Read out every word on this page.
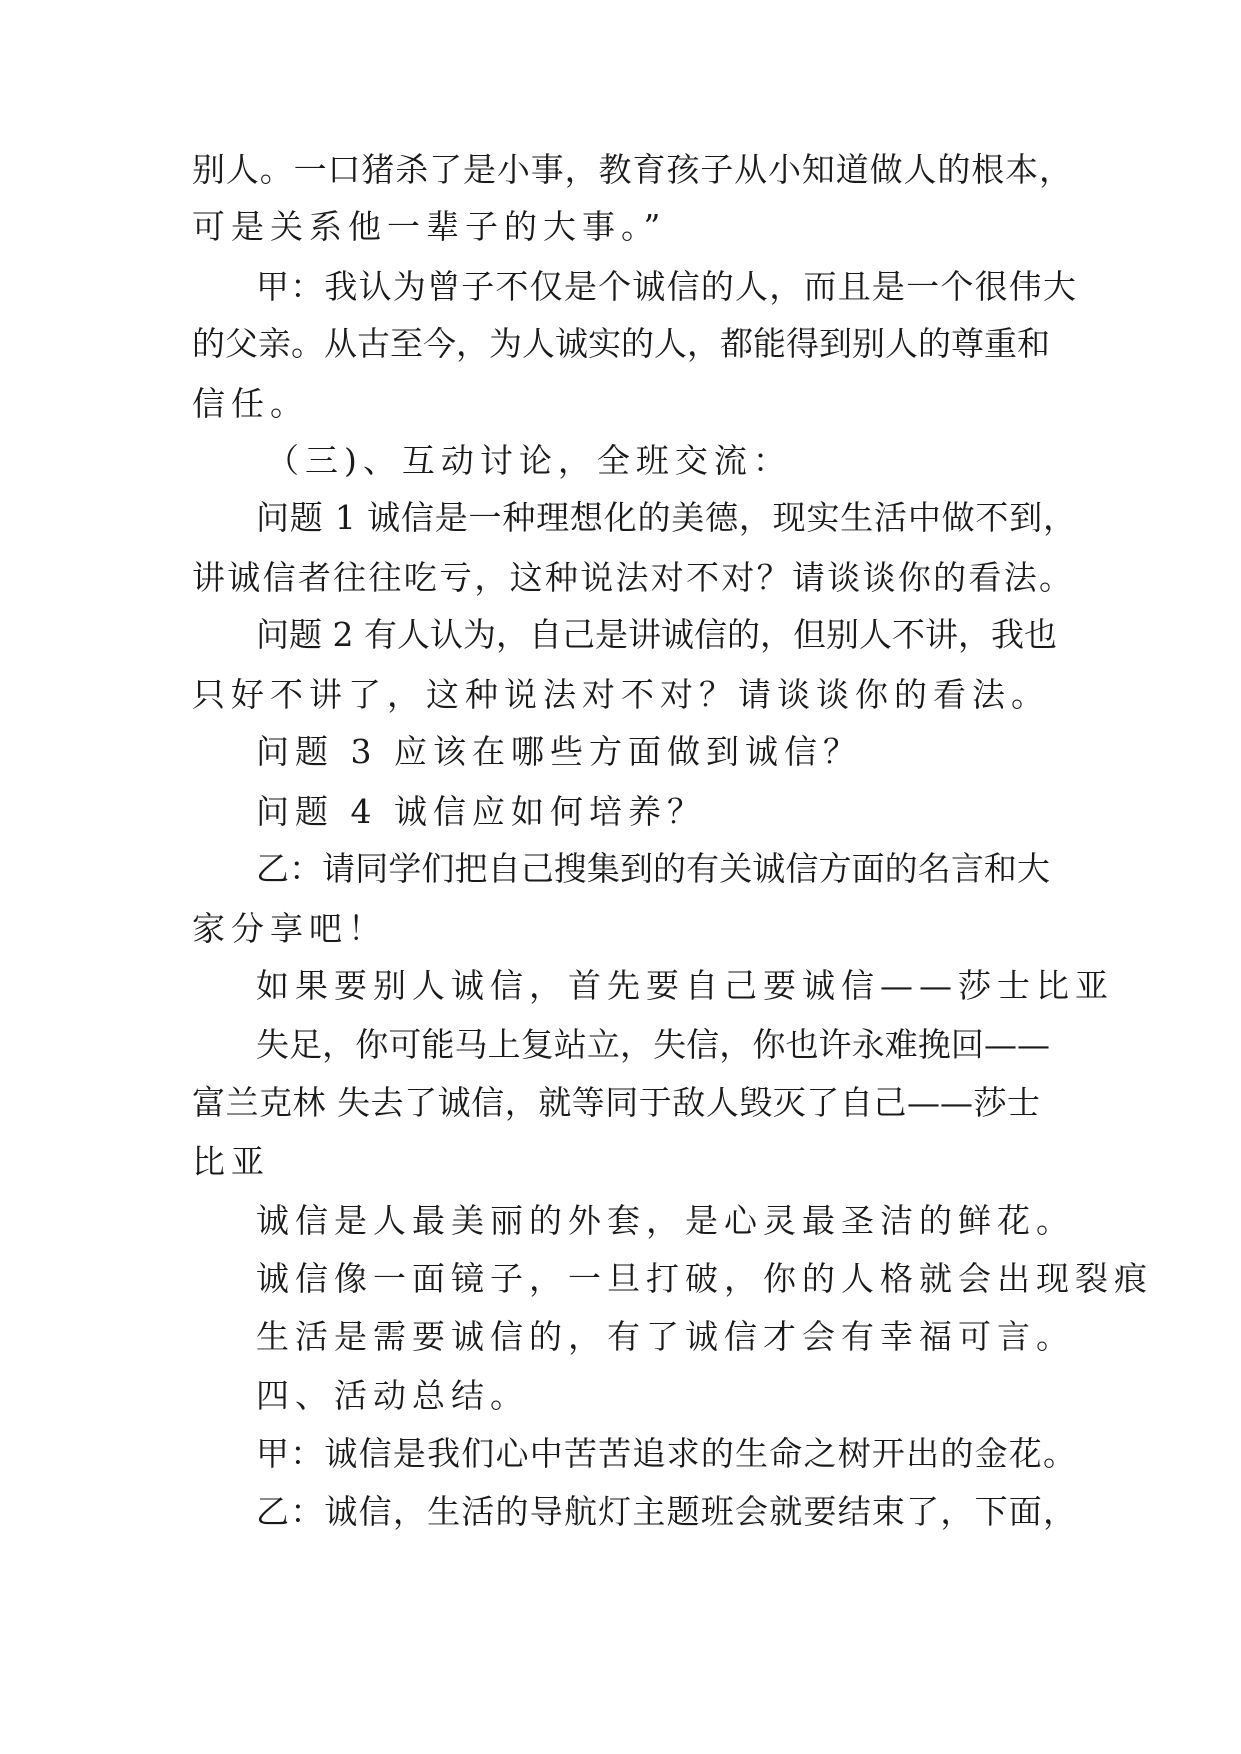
别人。一口猪杀了是小事，教育孩子从小知道做人的根本，
可是关系他一辈子的大事。”
甲：我认为曾子不仅是个诚信的人，而且是一个很伟大
的父亲。从古至今，为人诚实的人，都能得到别人的尊重和
信任。
（三)、互动讨论，全班交流：
问题 1 诚信是一种理想化的美德，现实生活中做不到，
讲诚信者往往吃亏，这种说法对不对？请谈谈你的看法。
问题 2 有人认为，自己是讲诚信的，但别人不讲，我也
只好不讲了，这种说法对不对？请谈谈你的看法。
问题 3 应该在哪些方面做到诚信？
问题 4 诚信应如何培养？
乙：请同学们把自己搜集到的有关诚信方面的名言和大
家分享吧！
如果要别人诚信，首先要自己要诚信——莎士比亚
失足，你可能马上复站立，失信，你也许永难挽回——
富兰克林 失去了诚信，就等同于敌人毁灭了自己——莎士
比亚
诚信是人最美丽的外套，是心灵最圣洁的鲜花。
诚信像一面镜子，一旦打破，你的人格就会出现裂痕
生活是需要诚信的，有了诚信才会有幸福可言。
四、活动总结。
甲：诚信是我们心中苦苦追求的生命之树开出的金花。
乙：诚信，生活的导航灯主题班会就要结束了，下面，
